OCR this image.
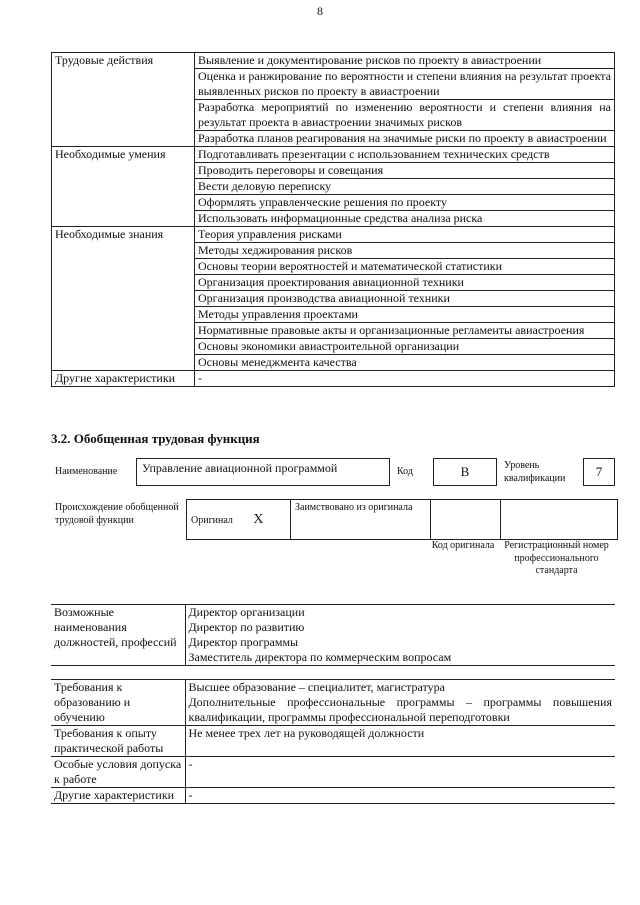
8
Трудовые действия	Выявление и документирование рисков по проекту в авиастроении
	Оценка и ранжирование по вероятности и степени влияния на результат проекта выявленных рисков по проекту в авиастроении
	Разработка мероприятий по изменению вероятности и степени влияния на результат проекта в авиастроении значимых рисков
	Разработка планов реагирования на значимые риски по проекту в авиастроении
Необходимые умения	Подготавливать презентации с использованием технических средств
	Проводить переговоры и совещания
	Вести деловую переписку
	Оформлять управленческие решения по проекту
	Использовать информационные средства анализа риска
Необходимые знания	Теория управления рисками
	Методы хеджирования рисков
	Основы теории вероятностей и математической статистики
	Организация проектирования авиационной техники
	Организация производства авиационной техники
	Методы управления проектами
	Нормативные правовые акты и организационные регламенты авиастроения
	Основы экономики авиастроительной организации
	Основы менеджмента качества
Другие характеристики	-
3.2. Обобщенная трудовая функция
Наименование	Управление авиационной программой	Код	B	Уровень квалификации	7
Происхождение обобщенной трудовой функции	Оригинал X	Заимствовано из оригинала		
Код оригинала Регистрационный номер профессионального стандарта
Возможные наименования должностей, профессий	Директор организации
Директор по развитию
Директор программы
Заместитель директора по коммерческим вопросам
Требования к образованию и обучению	Высшее образование – специалитет, магистратура
Дополнительные профессиональные программы – программы повышения квалификации, программы профессиональной переподготовки

Требования к опыту практической работы	Не менее трех лет на руководящей должности

Особые условия допуска к работе	-

Другие характеристики	-
